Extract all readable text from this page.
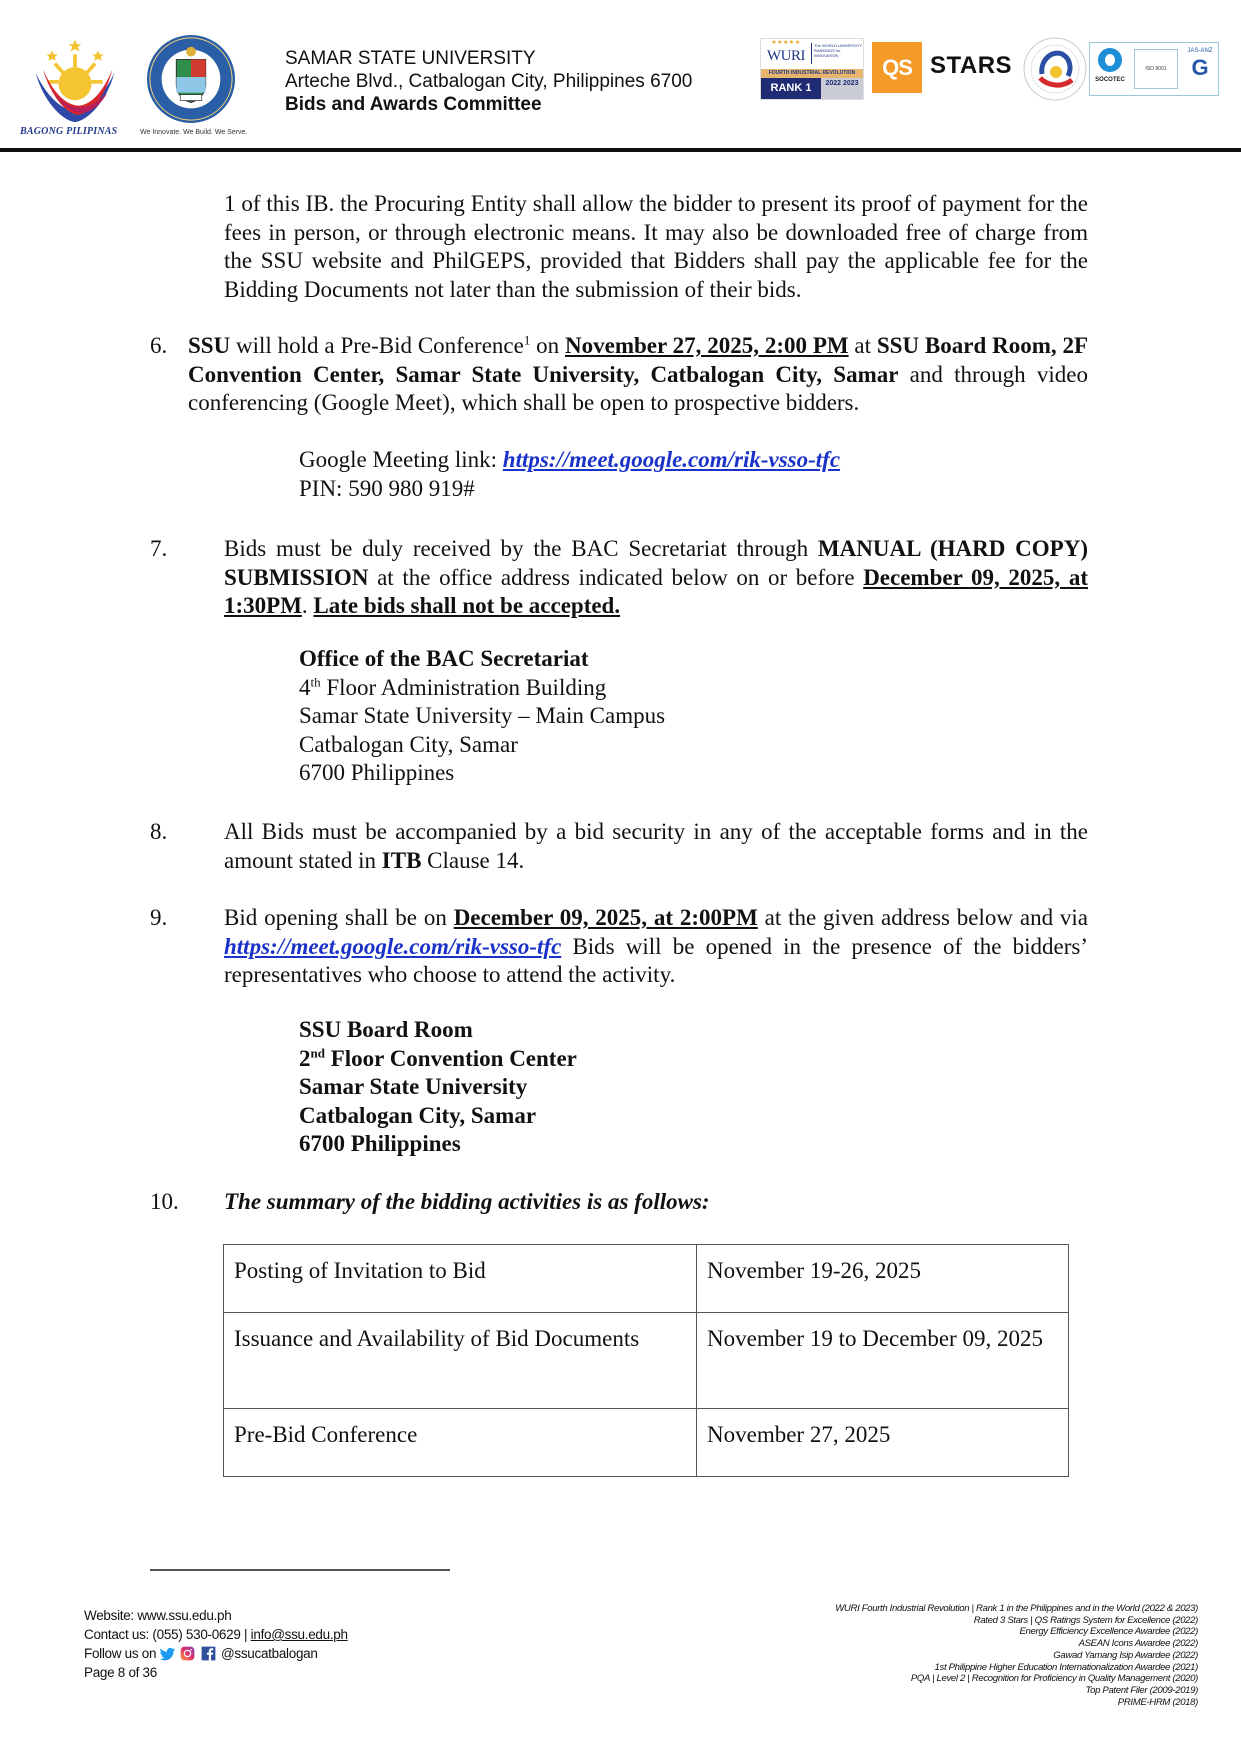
BAGONG PILIPINAS	We Innovate. We Build. We Serve.
SAMAR STATE UNIVERSITY
Arteche Blvd., Catbalogan City, Philippines 6700
Bids and Awards Committee
★★★★★
WURI
The WORLD UNIVERSITY RANKINGS for INNOVATION
FOURTH INDUSTRIAL REVOLUTION
RANK 1	2022 2023
QS STARS
SOCOTEC
ISO 9001
JAS-ANZ
G
1 of this IB. the Procuring Entity shall allow the bidder to present its proof of payment for the fees in person, or through electronic means. It may also be downloaded free of charge from the SSU website and PhilGEPS, provided that Bidders shall pay the applicable fee for the Bidding Documents not later than the submission of their bids.
6. SSU will hold a Pre-Bid Conference$^1$ on November 27, 2025, 2:00 PM at SSU Board Room, 2F Convention Center, Samar State University, Catbalogan City, Samar and through video conferencing (Google Meet), which shall be open to prospective bidders.
Google Meeting link: https://meet.google.com/rik-vsso-tfc
PIN: 590 980 919#
7. Bids must be duly received by the BAC Secretariat through MANUAL (HARD COPY) SUBMISSION at the office address indicated below on or before December 09, 2025, at 1:30PM. Late bids shall not be accepted.
Office of the BAC Secretariat
4th Floor Administration Building
Samar State University – Main Campus
Catbalogan City, Samar
6700 Philippines
8. All Bids must be accompanied by a bid security in any of the acceptable forms and in the amount stated in ITB Clause 14.
9. Bid opening shall be on December 09, 2025, at 2:00PM at the given address below and via https://meet.google.com/rik-vsso-tfc Bids will be opened in the presence of the bidders’ representatives who choose to attend the activity.
SSU Board Room
2nd Floor Convention Center
Samar State University
Catbalogan City, Samar
6700 Philippines
10. The summary of the bidding activities is as follows:
Posting of Invitation to Bid	November 19-26, 2025
Issuance and Availability of Bid Documents	November 19 to December 09, 2025
Pre-Bid Conference	November 27, 2025
Website: www.ssu.edu.ph
Contact us: (055) 530-0629 | info@ssu.edu.ph
Follow us on	@ssucatbalogan
Page 8 of 36
WURI Fourth Industrial Revolution | Rank 1 in the Philippines and in the World (2022 & 2023)
Rated 3 Stars | QS Ratings System for Excellence (2022)
Energy Efficiency Excellence Awardee (2022)
ASEAN Icons Awardee (2022)
Gawad Yamang Isip Awardee (2022)
1st Philippine Higher Education Internationalization Awardee (2021)
PQA | Level 2 | Recognition for Proficiency in Quality Management (2020)
Top Patent Filer (2009-2019)
PRIME-HRM (2018)
